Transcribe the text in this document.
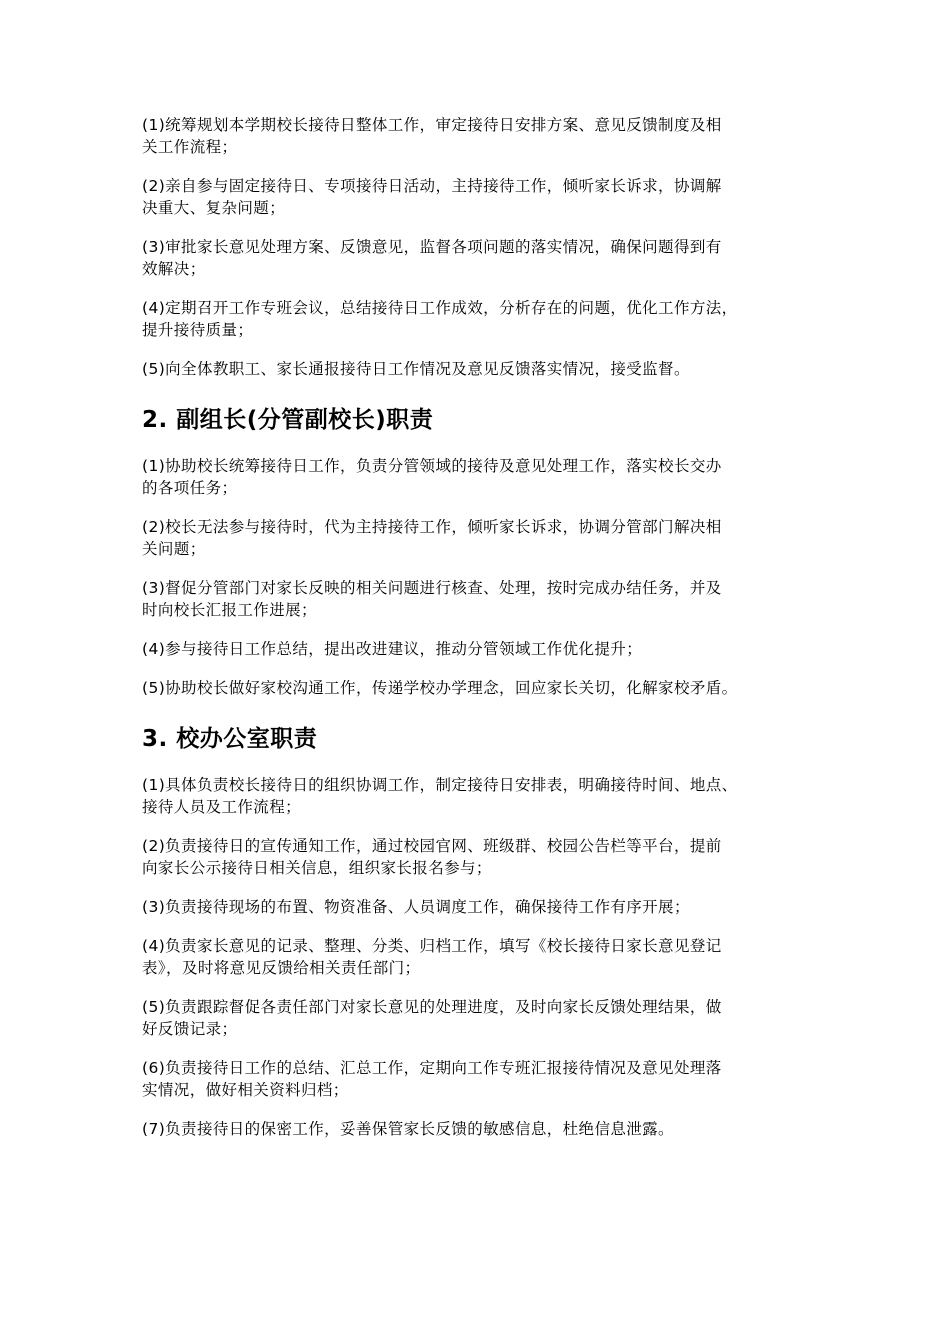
(1)统筹规划本学期校长接待日整体工作，审定接待日安排方案、意见反馈制度及相
关工作流程；
(2)亲自参与固定接待日、专项接待日活动，主持接待工作，倾听家长诉求，协调解
决重大、复杂问题；
(3)审批家长意见处理方案、反馈意见，监督各项问题的落实情况，确保问题得到有
效解决；
(4)定期召开工作专班会议，总结接待日工作成效，分析存在的问题，优化工作方法，
提升接待质量；
(5)向全体教职工、家长通报接待日工作情况及意见反馈落实情况，接受监督。
2. 副组长(分管副校长)职责
(1)协助校长统筹接待日工作，负责分管领域的接待及意见处理工作，落实校长交办
的各项任务；
(2)校长无法参与接待时，代为主持接待工作，倾听家长诉求，协调分管部门解决相
关问题；
(3)督促分管部门对家长反映的相关问题进行核查、处理，按时完成办结任务，并及
时向校长汇报工作进展；
(4)参与接待日工作总结，提出改进建议，推动分管领域工作优化提升；
(5)协助校长做好家校沟通工作，传递学校办学理念，回应家长关切，化解家校矛盾。
3. 校办公室职责
(1)具体负责校长接待日的组织协调工作，制定接待日安排表，明确接待时间、地点、
接待人员及工作流程；
(2)负责接待日的宣传通知工作，通过校园官网、班级群、校园公告栏等平台，提前
向家长公示接待日相关信息，组织家长报名参与；
(3)负责接待现场的布置、物资准备、人员调度工作，确保接待工作有序开展；
(4)负责家长意见的记录、整理、分类、归档工作，填写《校长接待日家长意见登记
表》，及时将意见反馈给相关责任部门；
(5)负责跟踪督促各责任部门对家长意见的处理进度，及时向家长反馈处理结果，做
好反馈记录；
(6)负责接待日工作的总结、汇总工作，定期向工作专班汇报接待情况及意见处理落
实情况，做好相关资料归档；
(7)负责接待日的保密工作，妥善保管家长反馈的敏感信息，杜绝信息泄露。
